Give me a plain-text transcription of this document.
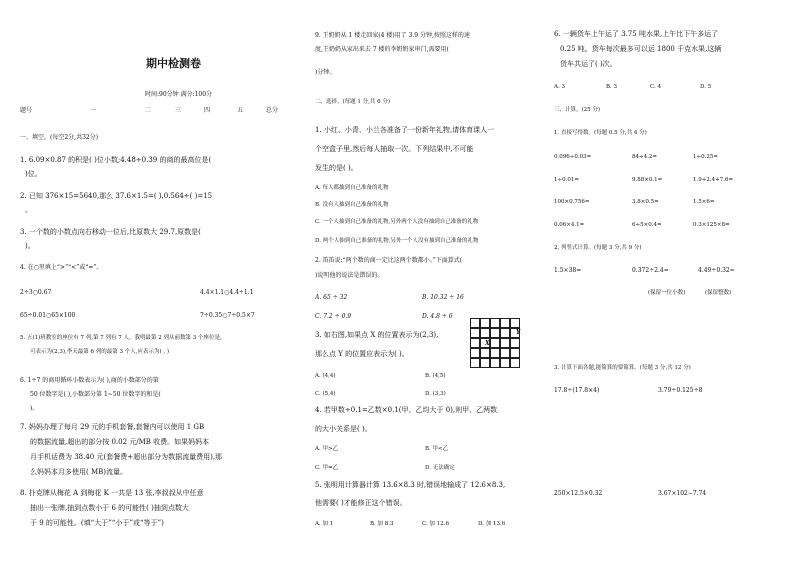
期中检测卷
时间:90分钟 满分:100分
题号	一	二	三	四	五	总分
一、填空。(每空2分,共32分)
1. 6.09×0.87 的积是( )位小数;4.48÷0.39 的商的最高位是(
)位。
2. 已知 376×15=5640,那么 37.6×1.5=( ),0.564÷( )=15
。
3. 一个数的小数点向右移动一位后,比原数大 29.7,原数是(
)。
4. 在○里填上“>”“<”或“=”。
2÷3○0.67	4.4×1.1○4.4÷1.1
65÷0.01○65×100	7÷0.35○7÷0.5×7
5. 五(1)班教室的座位有 7 列,第 7 列有 7 人。我明最第 2 列从前数第 3 个座位是,
可表示为(2,3),李天最第 6 列的最第 3 个人,应表示为( , )
6. 1÷7 的商用循环小数表示为( ),商的小数部分的第
50 位数字是( ),小数部分第 1~50 位数字的和是(
)。
7. 妈妈办理了每月 29 元的手机套餐,套餐内可以使用 1 GB
的数据流量,超出的部分按 0.02 元/MB 收费。如果妈妈本
月手机话费为 38.40 元(套餐费+超出部分为数据流量费用),那
么妈妈本月多使用( MB)流量。
8. 扑克牌从梅花 A 到梅花 K 一共是 13 张,李叔叔从中任意
抽出一张牌,抽到点数小于 6 的可能性( )抽到点数大
于 9 的可能性。(填“大于”“小于”或“等于”)
9. 王奶奶从 1 楼走回家(4 楼)用了 3.9 分钟,按照这样的速
度,王奶奶从家出来去 7 楼的李奶奶家串门,需要用(
)分钟。
二、选择。(每题 1 分,共 6 分)
1. 小红、小青、小兰各准备了一份新年礼物,请体育课人一
个空盒子里,然后每人抽取一次。下列结果中,不可能
发生的是( )。
A. 每人都抽到自己准备的礼物
B. 没有人抽到自己准备的礼物
C. 一个人抽到自己准备的礼物,另外两个人没有抽到自己准备的礼物
D. 两个人抽到自己准备的礼物,另外一个人没有抽到自己准备的礼物
2. 笛笛说:“两个数的商一定比这两个数都小。”下面算式(
)说明他的说法是错误的。
A. 65 ÷ 32	B. 10.32 ÷ 16
C. 7.2 ÷ 0.9	D. 4.8 ÷ 6
3. 如右图,如果点 X 的位置表示为(2,3),
那么点 Y 的位置应表示为( )。
X
Y
A. (4,4)	B. (4,5)
C. (5,4)	D. (3,3)
4. 若甲数÷0.1=乙数×0.1(甲、乙均大于 0),则甲、乙两数
的大小关系是( )。
A. 甲>乙	B. 甲<乙
C. 甲=乙	D. 无法确定
5. 张明用计算器计算 13.6×8.3 时,错误地输成了 12.6×8.3,
他需要( )才能修正这个错误。
A. 加 1	B. 加 8.3	C. 加 12.6	D. 加 13.6
6. 一辆货车上午运了 3.75 吨水果,上午比下午多运了
0.25 吨。货车每次最多可以运 1800 千克水果,这辆
货车共运了( )次。
A. 3	B. 3	C. 4	D. 5
三、计算。(25 分)
1. 直接写得数。(每题 0.5 分,共 4 分)
0.096÷0.03=	84÷4.2=	1÷0.25=
1÷0.01=	9.88×0.1=	1.9+2.4+7.6=
100×0.756=	3.8×0.5=	1.5×6=
0.06×4.1=	6÷5×0.4=	0.3×125×8=
2. 列竖式计算。(每题 3 分,共 9 分)
1.5×38=	0.372÷2.4=	4.49÷0.32≈
(保留一位小数)	(保留整数)
3. 计算下面各题,能简算的要简算。(每题 3 分,共 12 分)
17.8÷(17.8×4)	3.79÷0.125÷8
250×12.5×0.32	3.67×102−7.74
